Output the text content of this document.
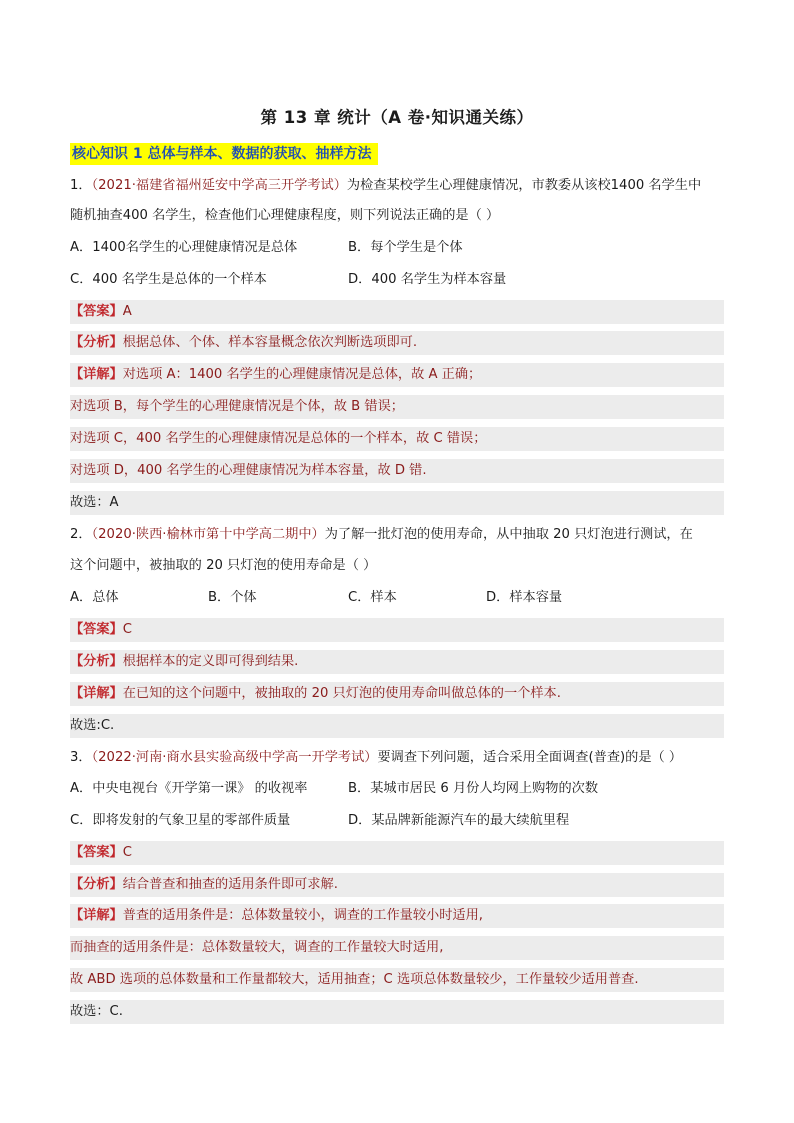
第 13 章 统计（A 卷·知识通关练）
核心知识 1 总体与样本、数据的获取、抽样方法
1．（2021·福建省福州延安中学高三开学考试）为检查某校学生心理健康情况，市教委从该校1400 名学生中
随机抽查400 名学生，检查他们心理健康程度，则下列说法正确的是（ ）
A．1400名学生的心理健康情况是总体	B．每个学生是个体
C．400 名学生是总体的一个样本	D．400 名学生为样本容量
【答案】A
【分析】根据总体、个体、样本容量概念依次判断选项即可.
【详解】对选项 A：1400 名学生的心理健康情况是总体，故 A 正确；
对选项 B，每个学生的心理健康情况是个体，故 B 错误；
对选项 C，400 名学生的心理健康情况是总体的一个样本，故 C 错误；
对选项 D，400 名学生的心理健康情况为样本容量，故 D 错.
故选：A
2．（2020·陕西·榆林市第十中学高二期中）为了解一批灯泡的使用寿命，从中抽取 20 只灯泡进行测试，在
这个问题中，被抽取的 20 只灯泡的使用寿命是（ ）
A．总体	B．个体	C．样本	D．样本容量
【答案】C
【分析】根据样本的定义即可得到结果.
【详解】在已知的这个问题中，被抽取的 20 只灯泡的使用寿命叫做总体的一个样本.
故选:C.
3．（2022·河南·商水县实验高级中学高一开学考试）要调查下列问题，适合采用全面调查(普查)的是（ ）
A．中央电视台《开学第一课》 的收视率	B．某城市居民 6 月份人均网上购物的次数
C．即将发射的气象卫星的零部件质量	D．某品牌新能源汽车的最大续航里程
【答案】C
【分析】结合普查和抽查的适用条件即可求解.
【详解】普查的适用条件是：总体数量较小，调查的工作量较小时适用,
而抽查的适用条件是：总体数量较大，调查的工作量较大时适用,
故 ABD 选项的总体数量和工作量都较大，适用抽查；C 选项总体数量较少，工作量较少适用普查.
故选：C.
